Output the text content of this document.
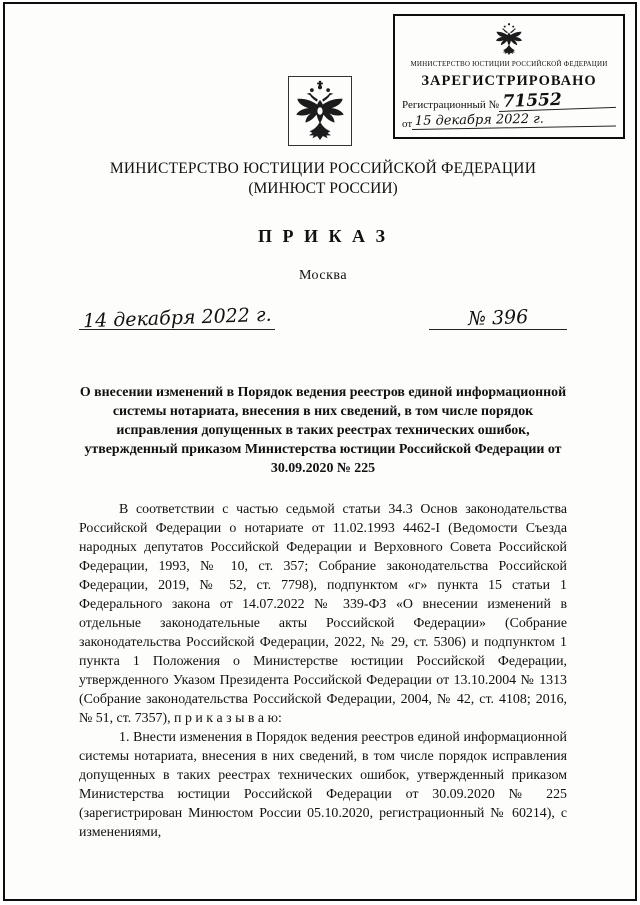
МИНИСТЕРСТВО ЮСТИЦИИ РОССИЙСКОЙ ФЕДЕРАЦИИ
ЗАРЕГИСТРИРОВАНО
Регистрационный № 71552
от 15 декабря 2022 г.
МИНИСТЕРСТВО ЮСТИЦИИ РОССИЙСКОЙ ФЕДЕРАЦИИ
(МИНЮСТ РОССИИ)
П Р И К А З
Москва
14 декабря 2022 г.	№ 396
О внесении изменений в Порядок ведения реестров единой информационной системы нотариата, внесения в них сведений, в том числе порядок исправления допущенных в таких реестрах технических ошибок, утвержденный приказом Министерства юстиции Российской Федерации от 30.09.2020 № 225

В соответствии с частью седьмой статьи 34.3 Основ законодательства Российской Федерации о нотариате от 11.02.1993 4462-I (Ведомости Съезда народных депутатов Российской Федерации и Верховного Совета Российской Федерации, 1993, № 10, ст. 357; Собрание законодательства Российской Федерации, 2019, № 52, ст. 7798), подпунктом «г» пункта 15 статьи 1 Федерального закона от 14.07.2022 № 339-ФЗ «О внесении изменений в отдельные законодательные акты Российской Федерации» (Собрание законодательства Российской Федерации, 2022, № 29, ст. 5306) и подпунктом 1 пункта 1 Положения о Министерстве юстиции Российской Федерации, утвержденного Указом Президента Российской Федерации от 13.10.2004 № 1313 (Собрание законодательства Российской Федерации, 2004, № 42, ст. 4108; 2016, № 51, ст. 7357), п р и к а з ы в а ю:

1. Внести изменения в Порядок ведения реестров единой информационной системы нотариата, внесения в них сведений, в том числе порядок исправления допущенных в таких реестрах технических ошибок, утвержденный приказом Министерства юстиции Российской Федерации от 30.09.2020 № 225 (зарегистрирован Минюстом России 05.10.2020, регистрационный № 60214), с изменениями,
